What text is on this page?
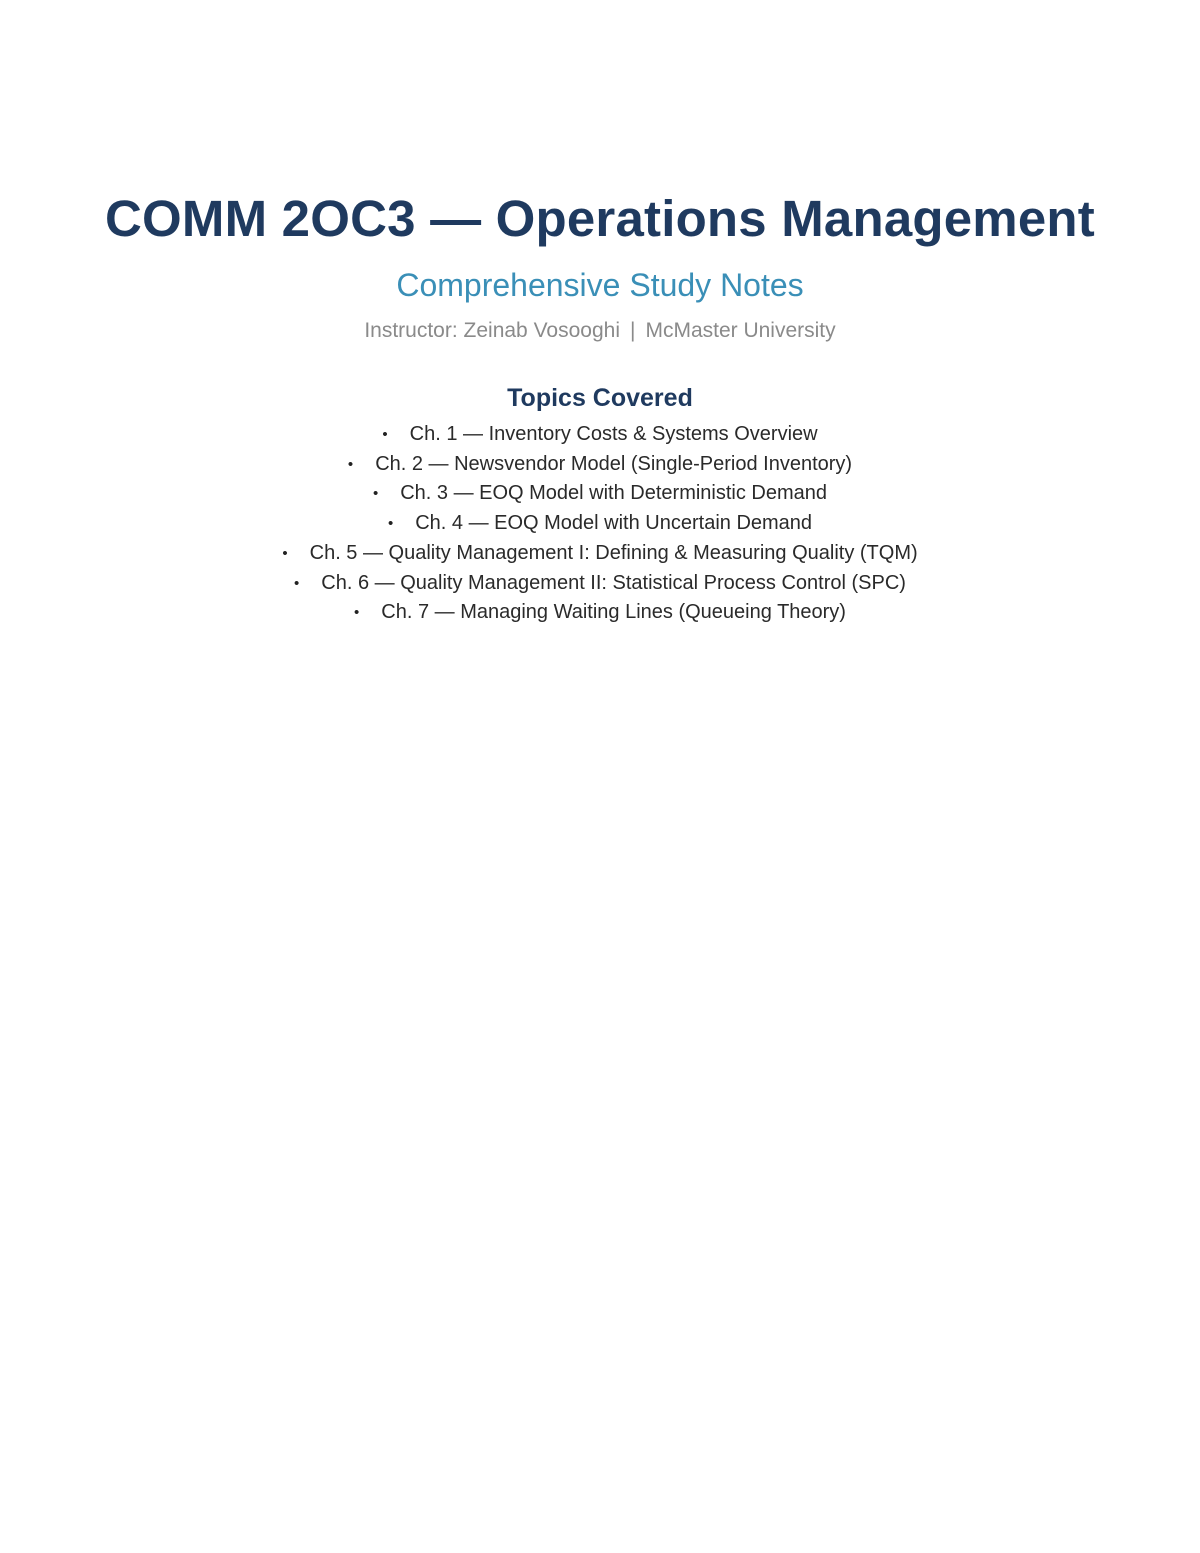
COMM 2OC3 — Operations Management
Comprehensive Study Notes
Instructor: Zeinab Vosooghi | McMaster University
Topics Covered
• Ch. 1 — Inventory Costs & Systems Overview
• Ch. 2 — Newsvendor Model (Single-Period Inventory)
• Ch. 3 — EOQ Model with Deterministic Demand
• Ch. 4 — EOQ Model with Uncertain Demand
• Ch. 5 — Quality Management I: Defining & Measuring Quality (TQM)
• Ch. 6 — Quality Management II: Statistical Process Control (SPC)
• Ch. 7 — Managing Waiting Lines (Queueing Theory)
